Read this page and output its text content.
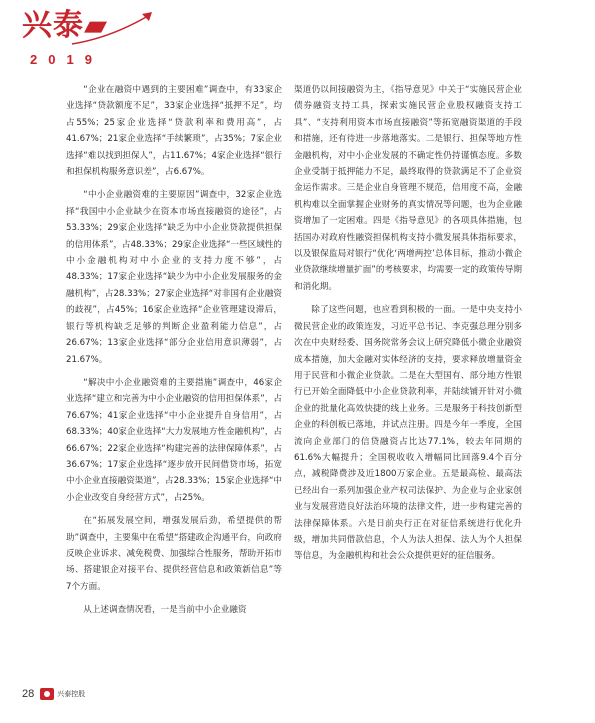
兴泰▰
2019

“企业在融资中遇到的主要困难”调查中，有33家企业选择“贷款额度不足”，33家企业选择“抵押不足”，均占55%；25家企业选择“贷款利率和费用高”，占41.67%；21家企业选择“手续繁琐”，占35%；7家企业选择“难以找到担保人”，占11.67%；4家企业选择“银行和担保机构服务意识差”，占6.67%。

“中小企业融资难的主要原因”调查中，32家企业选择“我国中小企业缺少在资本市场直接融资的途径”，占53.33%；29家企业选择“缺乏为中小企业贷款提供担保的信用体系”，占48.33%；29家企业选择“一些区域性的中小金融机构对中小企业的支持力度不够”，占48.33%；17家企业选择“缺少为中小企业发展服务的金融机构”，占28.33%；27家企业选择“对非国有企业融资的歧视”，占45%；16家企业选择“企业管理建设滞后，银行等机构缺乏足够的判断企业盈利能力信息”，占26.67%；13家企业选择“部分企业信用意识薄弱”，占21.67%。

“解决中小企业融资难的主要措施”调查中，46家企业选择“建立和完善为中小企业融资的信用担保体系”，占76.67%；41家企业选择“中小企业提升自身信用”，占68.33%；40家企业选择“大力发展地方性金融机构”，占66.67%；22家企业选择“构建完善的法律保障体系”，占36.67%；17家企业选择“逐步放开民间借贷市场，拓宽中小企业直接融资渠道”，占28.33%；15家企业选择“中小企业改变自身经营方式”，占25%。

在“拓展发展空间，增强发展后劲，希望提供的帮助”调查中，主要集中在希望“搭建政企沟通平台，向政府反映企业诉求、减免税费、加强综合性服务，帮助开拓市场、搭建银企对接平台、提供经营信息和政策新信息”等7个方面。

从上述调查情况看，一是当前中小企业融资

渠道仍以间接融资为主，《指导意见》中关于“实施民营企业债券融资支持工具，探索实施民营企业股权融资支持工具”、“支持利用资本市场直接融资”等拓宽融资渠道的手段和措施，还有待进一步落地落实。二是银行、担保等地方性金融机构，对中小企业发展的不确定性仍持谨慎态度。多数企业受制于抵押能力不足，最终取得的贷款满足不了企业资金运作需求。三是企业自身管理不规范，信用度不高，金融机构难以全面掌握企业财务的真实情况等问题，也为企业融资增加了一定困难。四是《指导意见》的各项具体措施，包括国办对政府性融资担保机构支持小微发展具体指标要求，以及银保监局对银行“优化‘两增两控’总体目标，推动小微企业贷款继续增量扩面”的考核要求，均需要一定的政策传导期和消化期。

除了这些问题，也应看到积极的一面。一是中央支持小微民营企业的政策连发，习近平总书记、李克强总理分别多次在中央财经委、国务院常务会议上研究降低小微企业融资成本措施，加大金融对实体经济的支持，要求释放增量资金用于民营和小微企业贷款。二是在大型国有、部分地方性银行已开始全面降低中小企业贷款利率，并陆续铺开针对小微企业的批量化高效快捷的线上业务。三是服务于科技创新型企业的科创板已落地，并试点注册。四是今年一季度，全国流向企业部门的信贷融资占比达77.1%，较去年同期的61.6%大幅提升；全国税收收入增幅同比回落9.4个百分点，减税降费涉及近1800万家企业。五是最高检、最高法已经出台一系列加强企业产权司法保护、为企业与企业家创业与发展营造良好法治环境的法律文件，进一步构建完善的法律保障体系。六是日前央行正在对征信系统进行优化升级，增加共同借款信息，个人为法人担保、法人为个人担保等信息，为金融机构和社会公众提供更好的征信服务。

28	兴泰控股
